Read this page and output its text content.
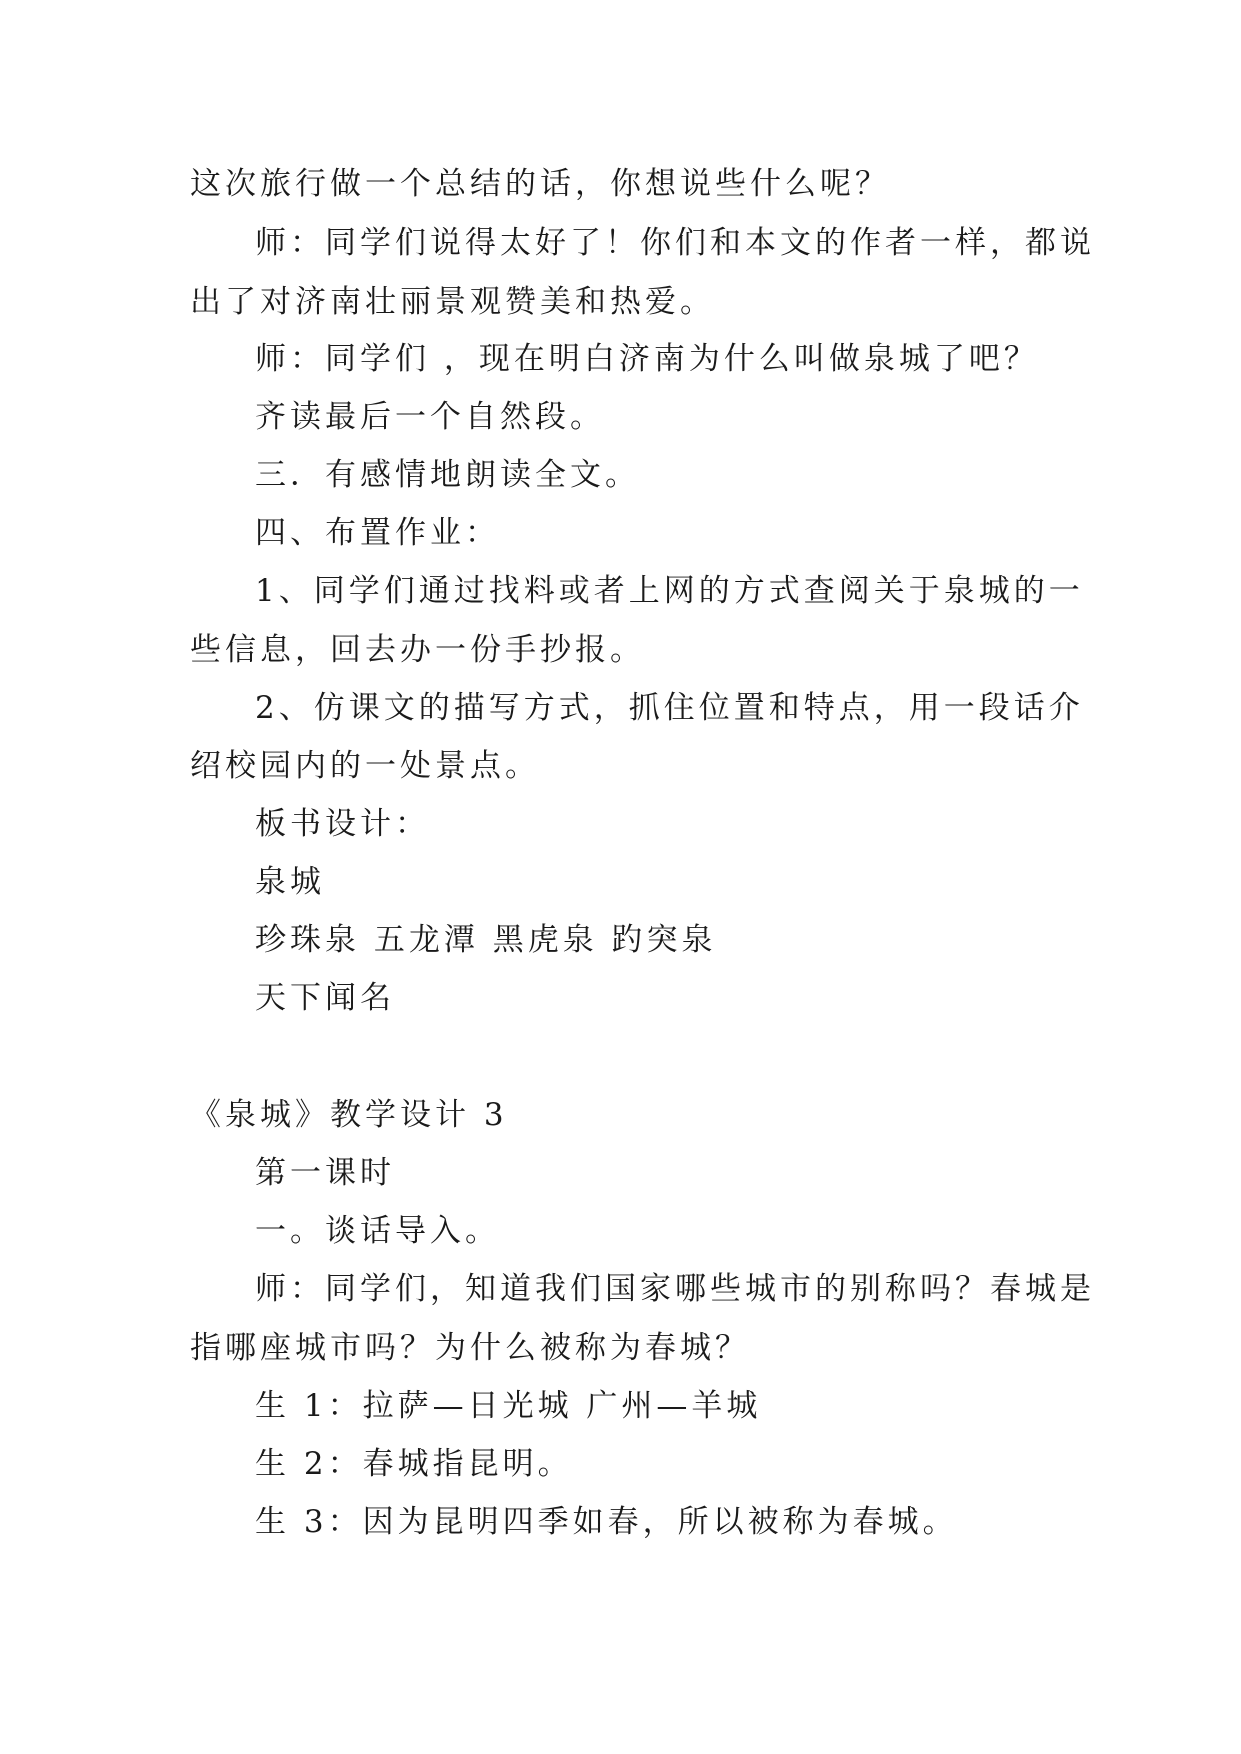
这次旅行做一个总结的话，你想说些什么呢？
师：同学们说得太好了！你们和本文的作者一样，都说
出了对济南壮丽景观赞美和热爱。
师：同学们 ，现在明白济南为什么叫做泉城了吧？
齐读最后一个自然段。
三．有感情地朗读全文。
四、布置作业：
1、同学们通过找料或者上网的方式查阅关于泉城的一
些信息，回去办一份手抄报。
2、仿课文的描写方式，抓住位置和特点，用一段话介
绍校园内的一处景点。
板书设计：
泉城
珍珠泉 五龙潭 黑虎泉 趵突泉
天下闻名
《泉城》教学设计 3
第一课时
一。谈话导入。
师：同学们，知道我们国家哪些城市的别称吗？春城是
指哪座城市吗？为什么被称为春城？
生 1：拉萨—日光城 广州—羊城
生 2：春城指昆明。
生 3：因为昆明四季如春，所以被称为春城。
